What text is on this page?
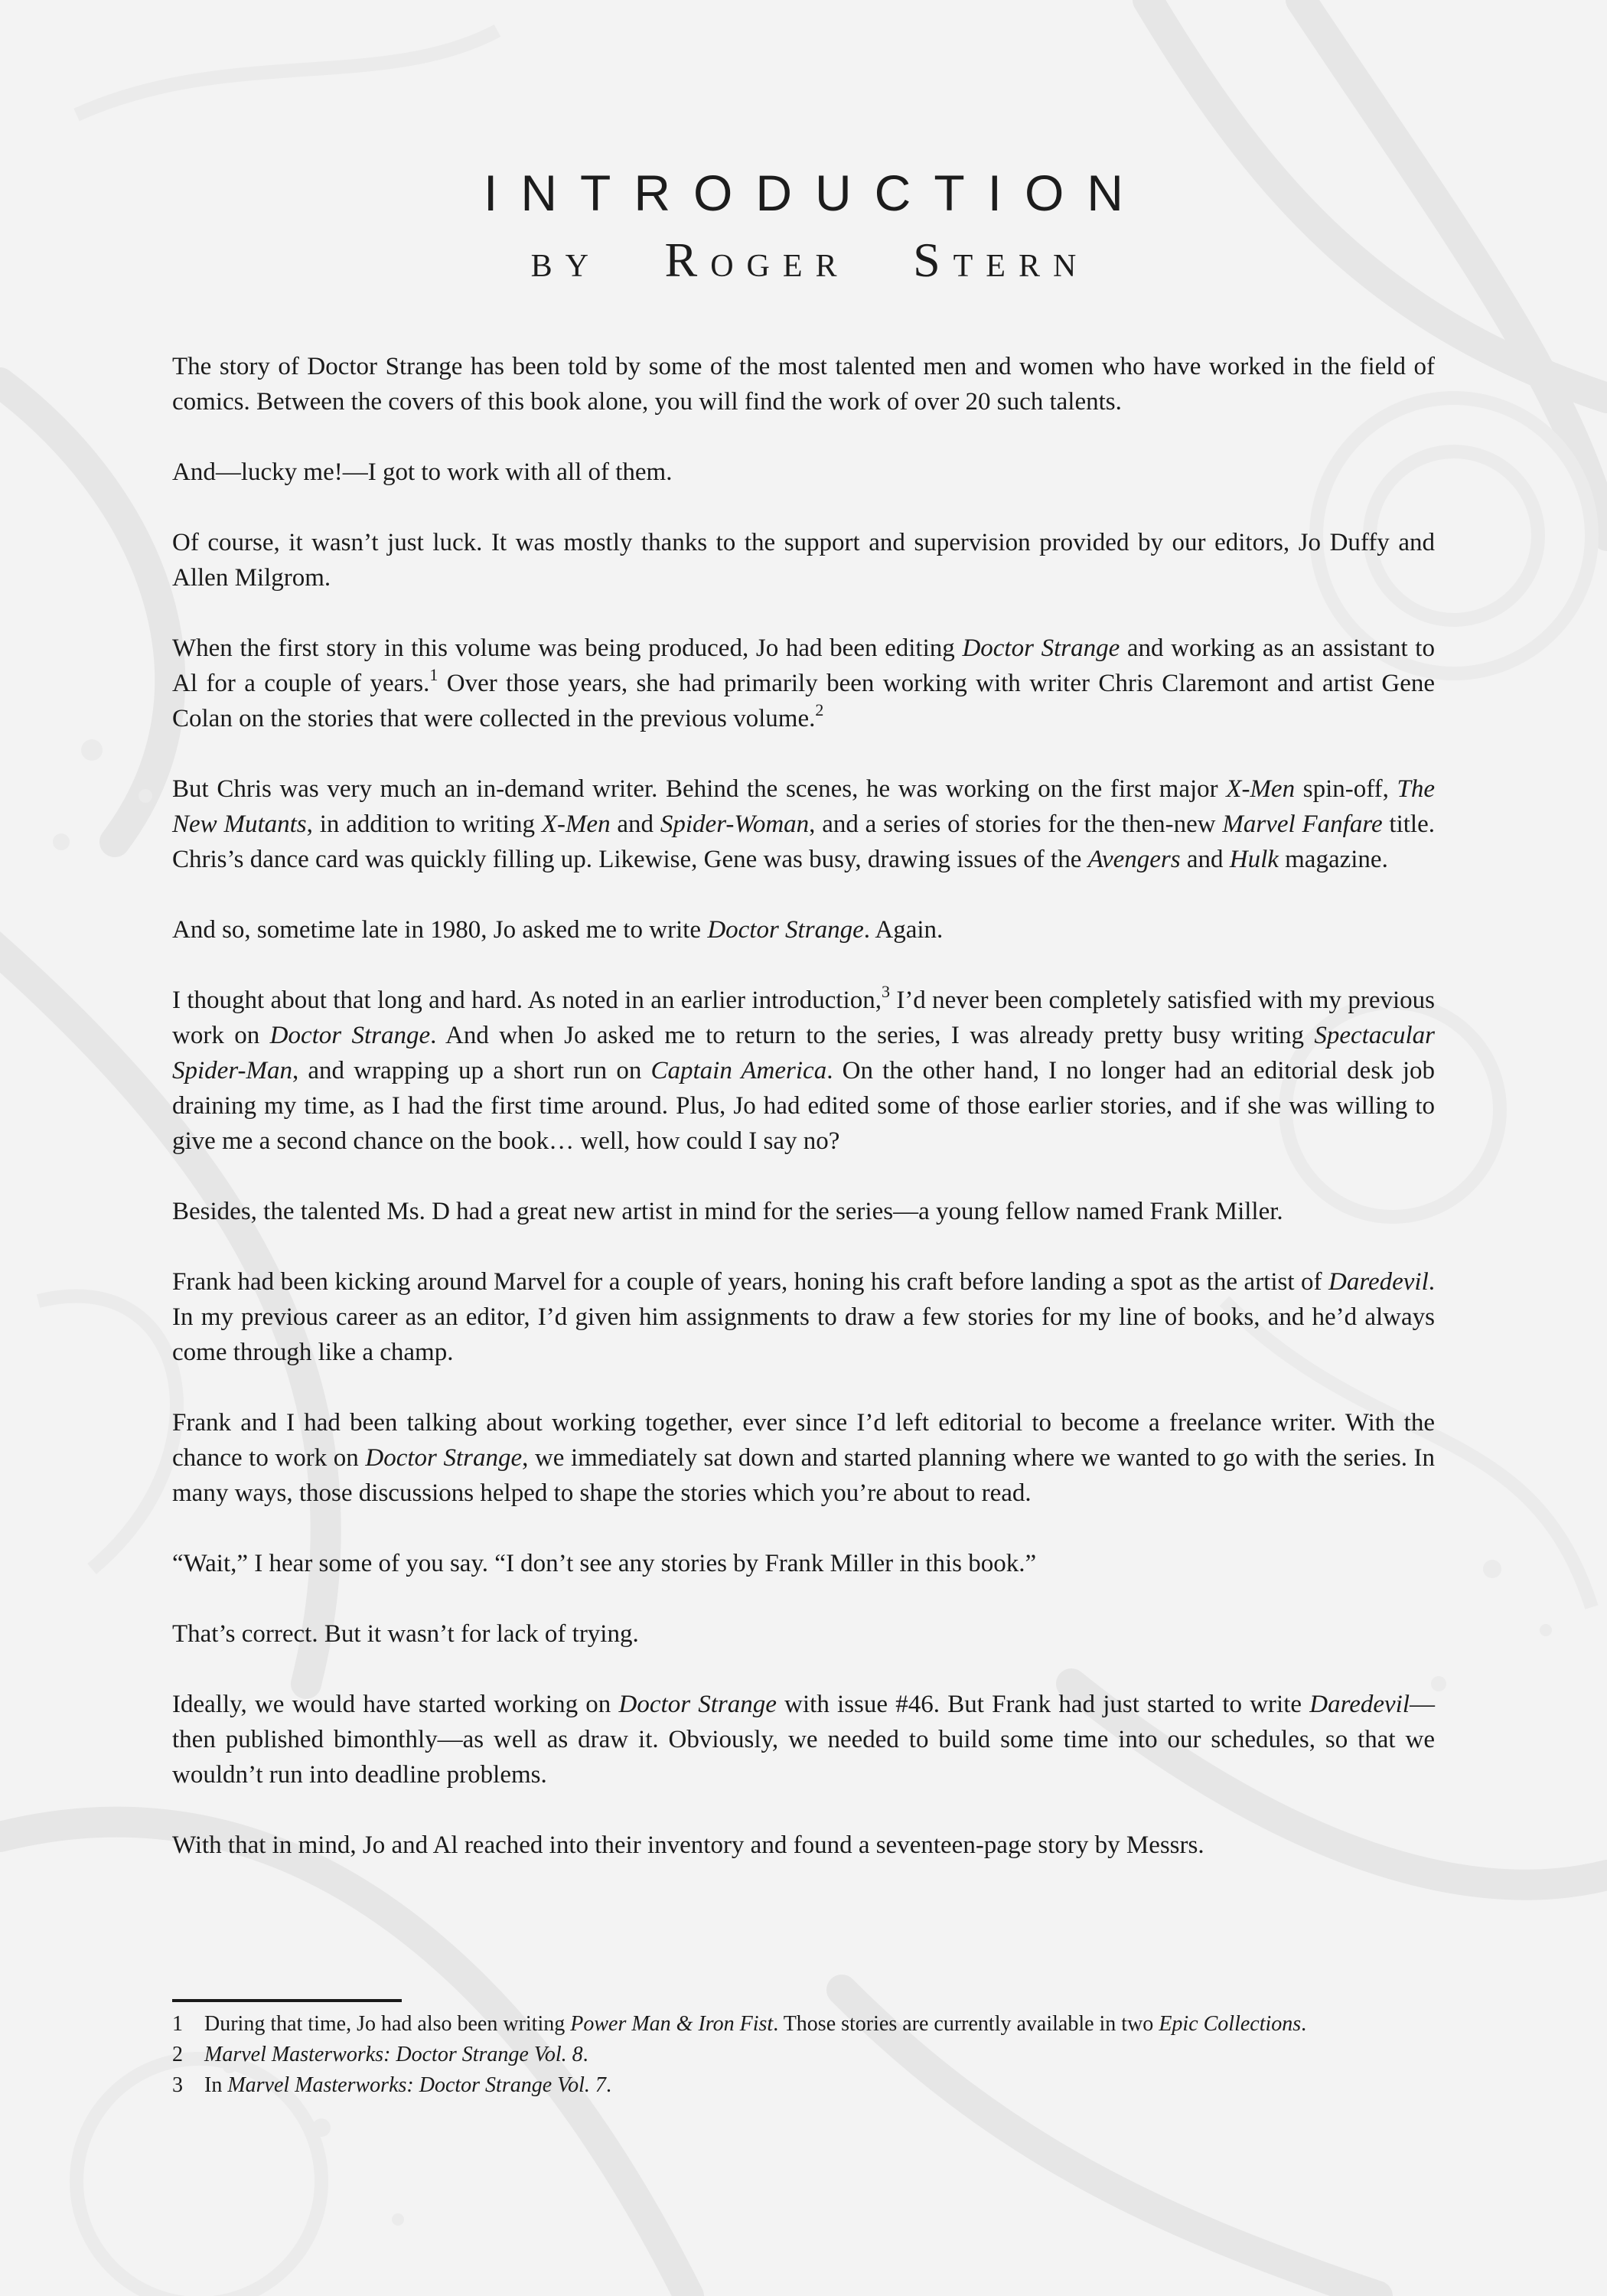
INTRODUCTION
BY ROGER STERN

The story of Doctor Strange has been told by some of the most talented men and women who have worked in the field of comics. Between the covers of this book alone, you will find the work of over 20 such talents.

And—lucky me!—I got to work with all of them.

Of course, it wasn’t just luck. It was mostly thanks to the support and supervision provided by our editors, Jo Duffy and Allen Milgrom.

When the first story in this volume was being produced, Jo had been editing Doctor Strange and working as an assistant to Al for a couple of years.$^1$ Over those years, she had primarily been working with writer Chris Claremont and artist Gene Colan on the stories that were collected in the previous volume.$^2$

But Chris was very much an in-demand writer. Behind the scenes, he was working on the first major X-Men spin-off, The New Mutants, in addition to writing X-Men and Spider-Woman, and a series of stories for the then-new Marvel Fanfare title. Chris’s dance card was quickly filling up. Likewise, Gene was busy, drawing issues of the Avengers and Hulk magazine.

And so, sometime late in 1980, Jo asked me to write Doctor Strange. Again.

I thought about that long and hard. As noted in an earlier introduction,$^3$ I’d never been completely satisfied with my previous work on Doctor Strange. And when Jo asked me to return to the series, I was already pretty busy writing Spectacular Spider-Man, and wrapping up a short run on Captain America. On the other hand, I no longer had an editorial desk job draining my time, as I had the first time around. Plus, Jo had edited some of those earlier stories, and if she was willing to give me a second chance on the book… well, how could I say no?

Besides, the talented Ms. D had a great new artist in mind for the series—a young fellow named Frank Miller.

Frank had been kicking around Marvel for a couple of years, honing his craft before landing a spot as the artist of Daredevil. In my previous career as an editor, I’d given him assignments to draw a few stories for my line of books, and he’d always come through like a champ.

Frank and I had been talking about working together, ever since I’d left editorial to become a freelance writer. With the chance to work on Doctor Strange, we immediately sat down and started planning where we wanted to go with the series. In many ways, those discussions helped to shape the stories which you’re about to read.

“Wait,” I hear some of you say. “I don’t see any stories by Frank Miller in this book.”

That’s correct. But it wasn’t for lack of trying.

Ideally, we would have started working on Doctor Strange with issue #46. But Frank had just started to write Daredevil—then published bimonthly—as well as draw it. Obviously, we needed to build some time into our schedules, so that we wouldn’t run into deadline problems.

With that in mind, Jo and Al reached into their inventory and found a seventeen-page story by Messrs.

1	During that time, Jo had also been writing Power Man & Iron Fist. Those stories are currently available in two Epic Collections.
2	Marvel Masterworks: Doctor Strange Vol. 8.
3	In Marvel Masterworks: Doctor Strange Vol. 7.
